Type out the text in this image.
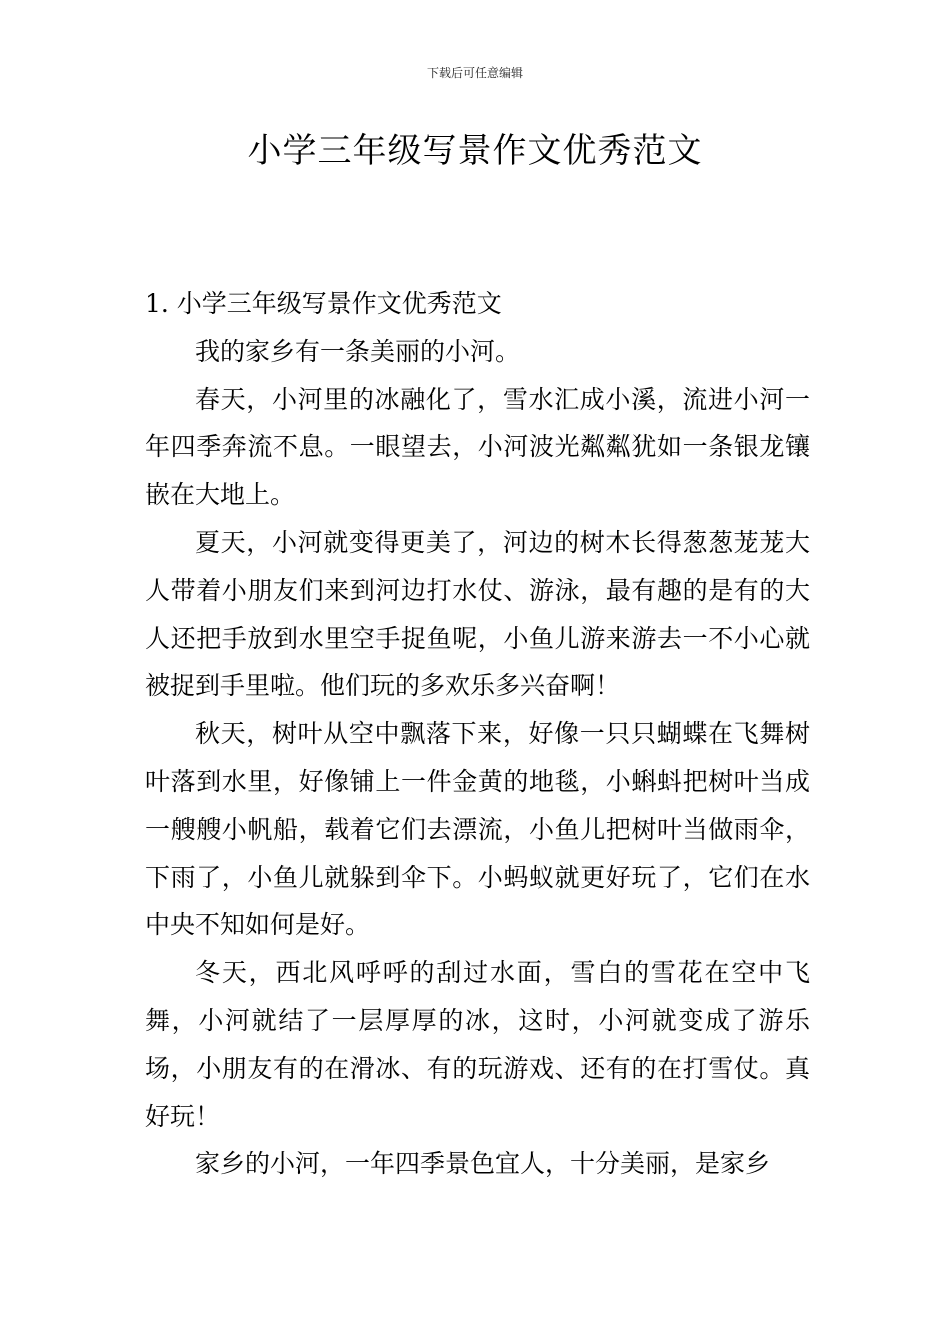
下载后可任意编辑
小学三年级写景作文优秀范文

1. 小学三年级写景作文优秀范文

我的家乡有一条美丽的小河。

春天，小河里的冰融化了，雪水汇成小溪，流进小河一年四季奔流不息。一眼望去，小河波光粼粼犹如一条银龙镶嵌在大地上。

夏天，小河就变得更美了，河边的树木长得葱葱茏茏大人带着小朋友们来到河边打水仗、游泳，最有趣的是有的大人还把手放到水里空手捉鱼呢，小鱼儿游来游去一不小心就被捉到手里啦。他们玩的多欢乐多兴奋啊！

秋天，树叶从空中飘落下来，好像一只只蝴蝶在飞舞树叶落到水里，好像铺上一件金黄的地毯，小蝌蚪把树叶当成一艘艘小帆船，载着它们去漂流，小鱼儿把树叶当做雨伞，下雨了，小鱼儿就躲到伞下。小蚂蚁就更好玩了，它们在水中央不知如何是好。

冬天，西北风呼呼的刮过水面，雪白的雪花在空中飞舞，小河就结了一层厚厚的冰，这时，小河就变成了游乐场，小朋友有的在滑冰、有的玩游戏、还有的在打雪仗。真好玩！

家乡的小河，一年四季景色宜人，十分美丽，是家乡
